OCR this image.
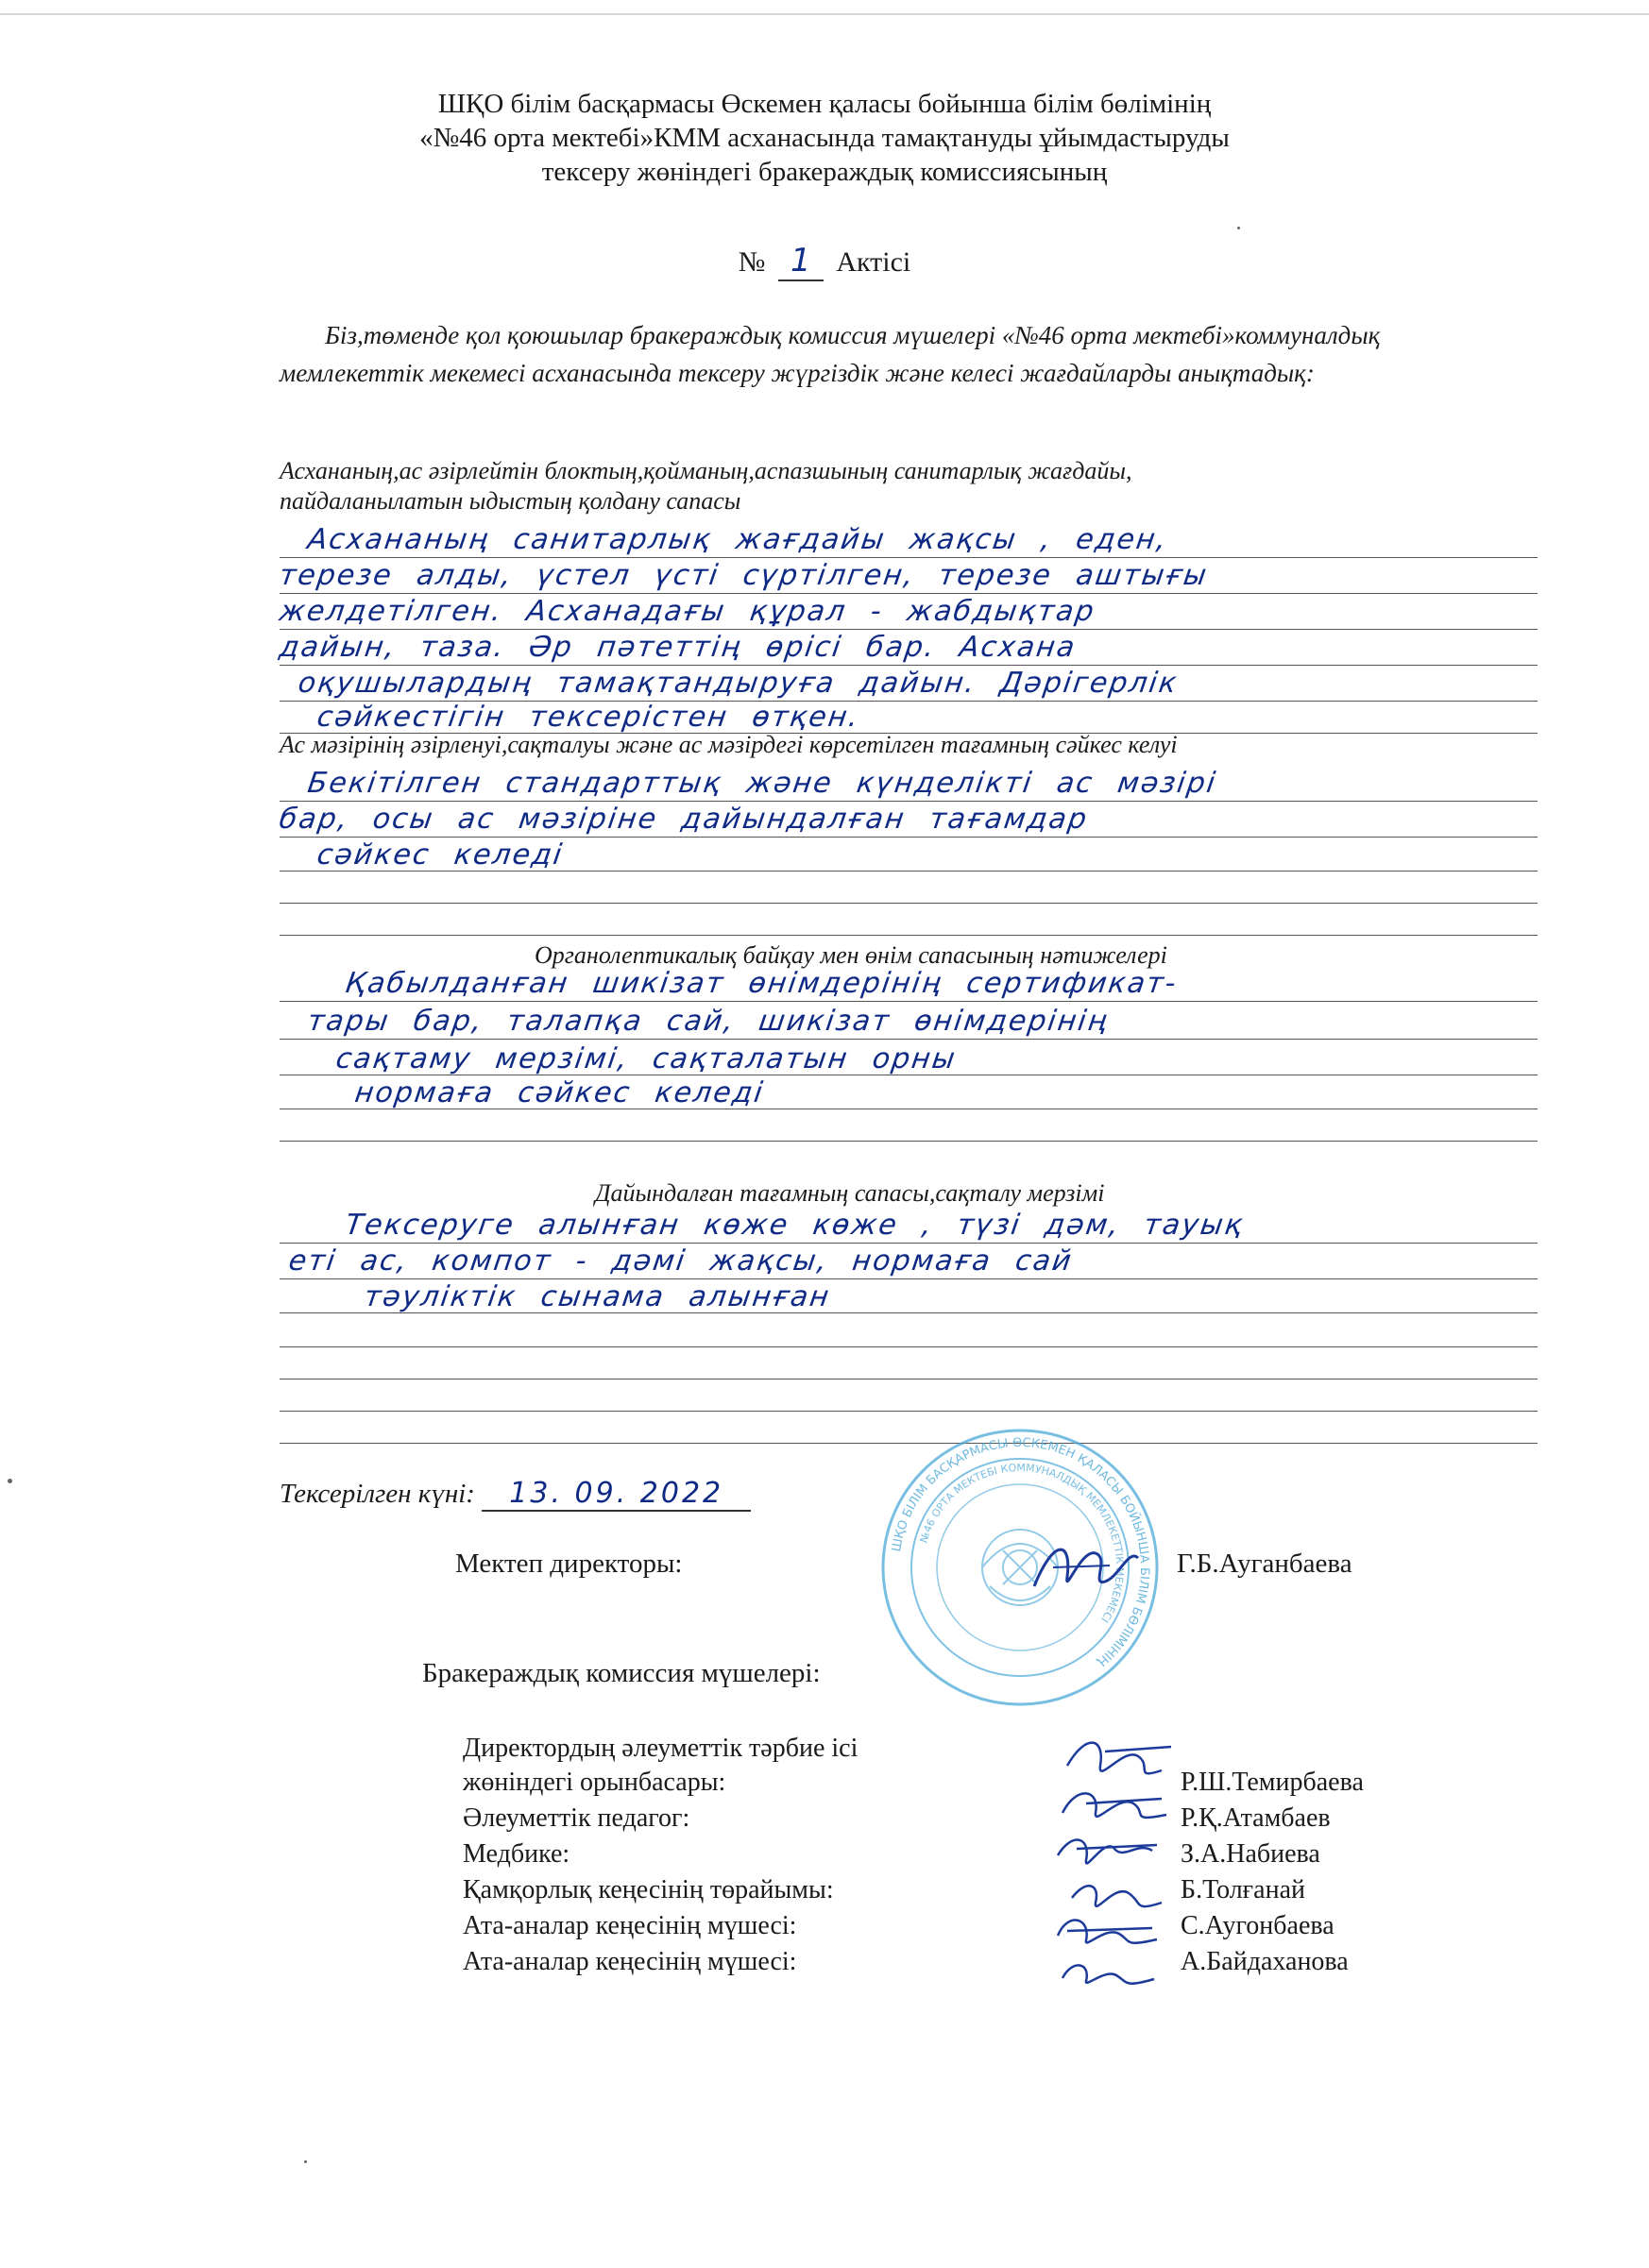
ШҚО білім басқармасы Өскемен қаласы бойынша білім бөлімінің
«№46 орта мектебі»КММ асханасында тамақтануды ұйымдастыруды
тексеру жөніндегі бракераждық комиссиясының
№ 1 Актісі
Біз,төменде қол қоюшылар бракераждық комиссия мүшелері «№46 орта мектебі»коммуналдық мемлекеттік мекемесі асханасында тексеру жүргіздік және келесі жағдайларды анықтадық:
Асхананың,ас әзірлейтін блоктың,қойманың,аспазшының санитарлық жағдайы,
пайдаланылатын ыдыстың қолдану сапасы
Асхананың санитарлық жағдайы жақсы , еден,
терезе алды, үстел үсті сүртілген, терезе аштығы
желдетілген. Асханадағы құрал - жабдықтар
дайын, таза. Әр пәтеттің өрісі бар. Асхана
оқушылардың тамақтандыруға дайын. Дәрігерлік
сәйкестігін тексерістен өтқен.
Ас мәзірінің әзірленуі,сақталуы және ас мәзірдегі көрсетілген тағамның сәйкес келуі
Бекітілген стандарттық және күнделікті ас мәзірі
бар, осы ас мәзіріне дайындалған тағамдар
сәйкес келеді
Органолептикалық байқау мен өнім сапасының нәтижелері
Қабылданған шикізат өнімдерінің сертификат-
тары бар, талапқа сай, шикізат өнімдерінің
сақтаму мерзімі, сақталатын орны
нормаға сәйкес келеді
Дайындалған тағамның сапасы,сақталу мерзімі
Тексеруге алынған көже көже , түзі дәм, тауық
еті ас, компот - дәмі жақсы, нормаға сай
тәуліктік сынама алынған
Тексерілген күні: 13. 09. 2022
ШҚО БІЛІМ БАСҚАРМАСЫ ӨСКЕМЕН ҚАЛАСЫ БОЙЫНША БІЛІМ БӨЛІМІНІҢ
№46 ОРТА МЕКТЕБІ КОММУНАЛДЫҚ МЕМЛЕКЕТТІК МЕКЕМЕСІ
Мектеп директоры:	Г.Б.Ауганбаева
Бракераждық комиссия мүшелері:
Директордың әлеуметтік тәрбие ісі
жөніндегі орынбасары:	Р.Ш.Темирбаева
Әлеуметтік педагог:	Р.Қ.Атамбаев
Медбике:	З.А.Набиева
Қамқорлық кеңесінің төрайымы:	Б.Толғанай
Ата-аналар кеңесінің мүшесі:	С.Аугонбаева
Ата-аналар кеңесінің мүшесі:	А.Байдаханова
